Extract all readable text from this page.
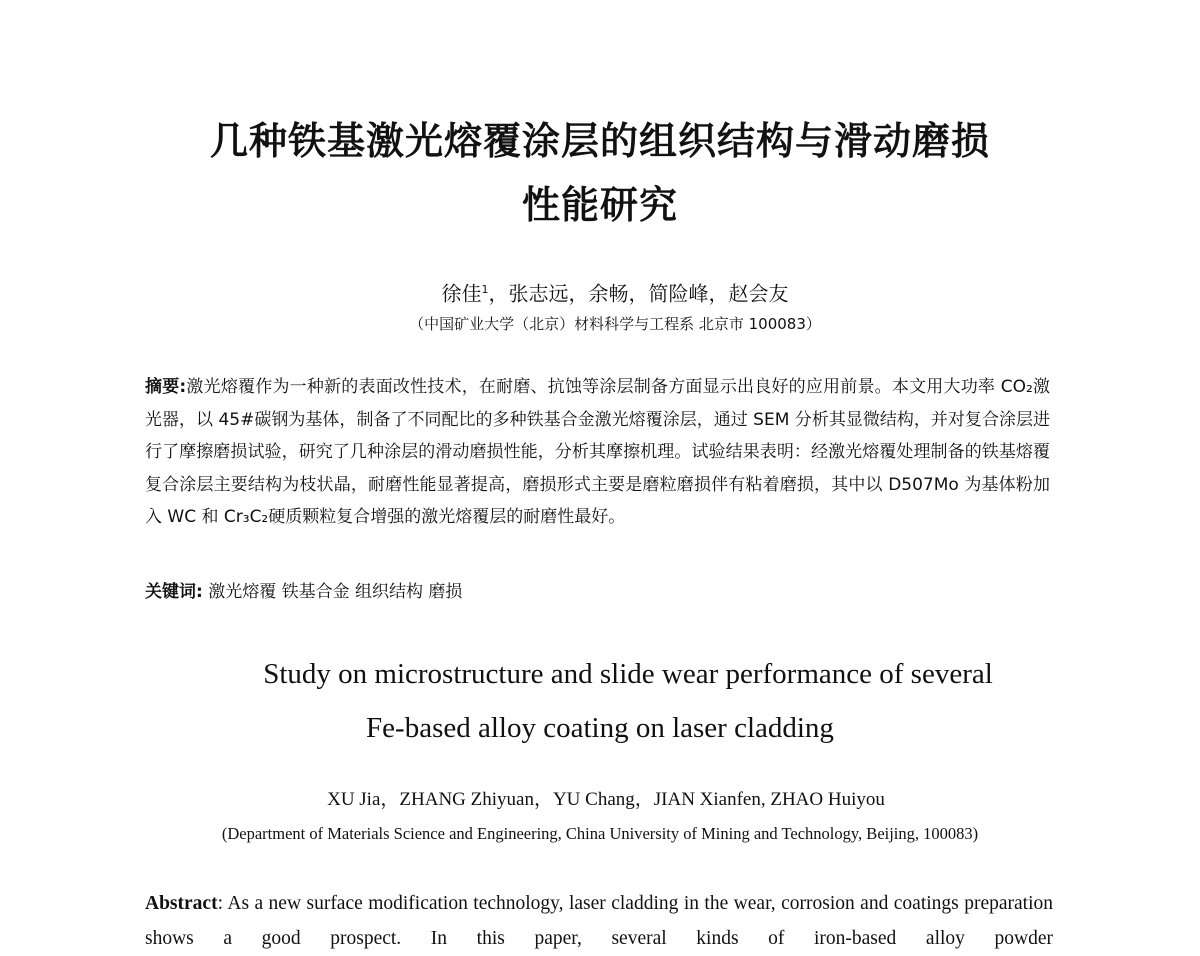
几种铁基激光熔覆涂层的组织结构与滑动磨损
性能研究
徐佳$^1$，张志远，余畅，简险峰，赵会友
（中国矿业大学（北京）材料科学与工程系 北京市 100083）
摘要:激光熔覆作为一种新的表面改性技术，在耐磨、抗蚀等涂层制备方面显示出良好的应用前景。本文用大功率 CO₂激光器，以 45#碳钢为基体，制备了不同配比的多种铁基合金激光熔覆涂层，通过 SEM 分析其显微结构，并对复合涂层进行了摩擦磨损试验，研究了几种涂层的滑动磨损性能，分析其摩擦机理。试验结果表明：经激光熔覆处理制备的铁基熔覆复合涂层主要结构为枝状晶，耐磨性能显著提高，磨损形式主要是磨粒磨损伴有粘着磨损，其中以 D507Mo 为基体粉加入 WC 和 Cr₃C₂硬质颗粒复合增强的激光熔覆层的耐磨性最好。
关键词: 激光熔覆 铁基合金 组织结构 磨损
Study on microstructure and slide wear performance of several
Fe-based alloy coating on laser cladding
XU Jia，ZHANG Zhiyuan，YU Chang，JIAN Xianfen, ZHAO Huiyou
(Department of Materials Science and Engineering, China University of Mining and Technology, Beijing, 100083)
Abstract: As a new surface modification technology, laser cladding in the wear, corrosion and coatings preparation shows a good prospect. In this paper, several kinds of iron-based alloy powder
